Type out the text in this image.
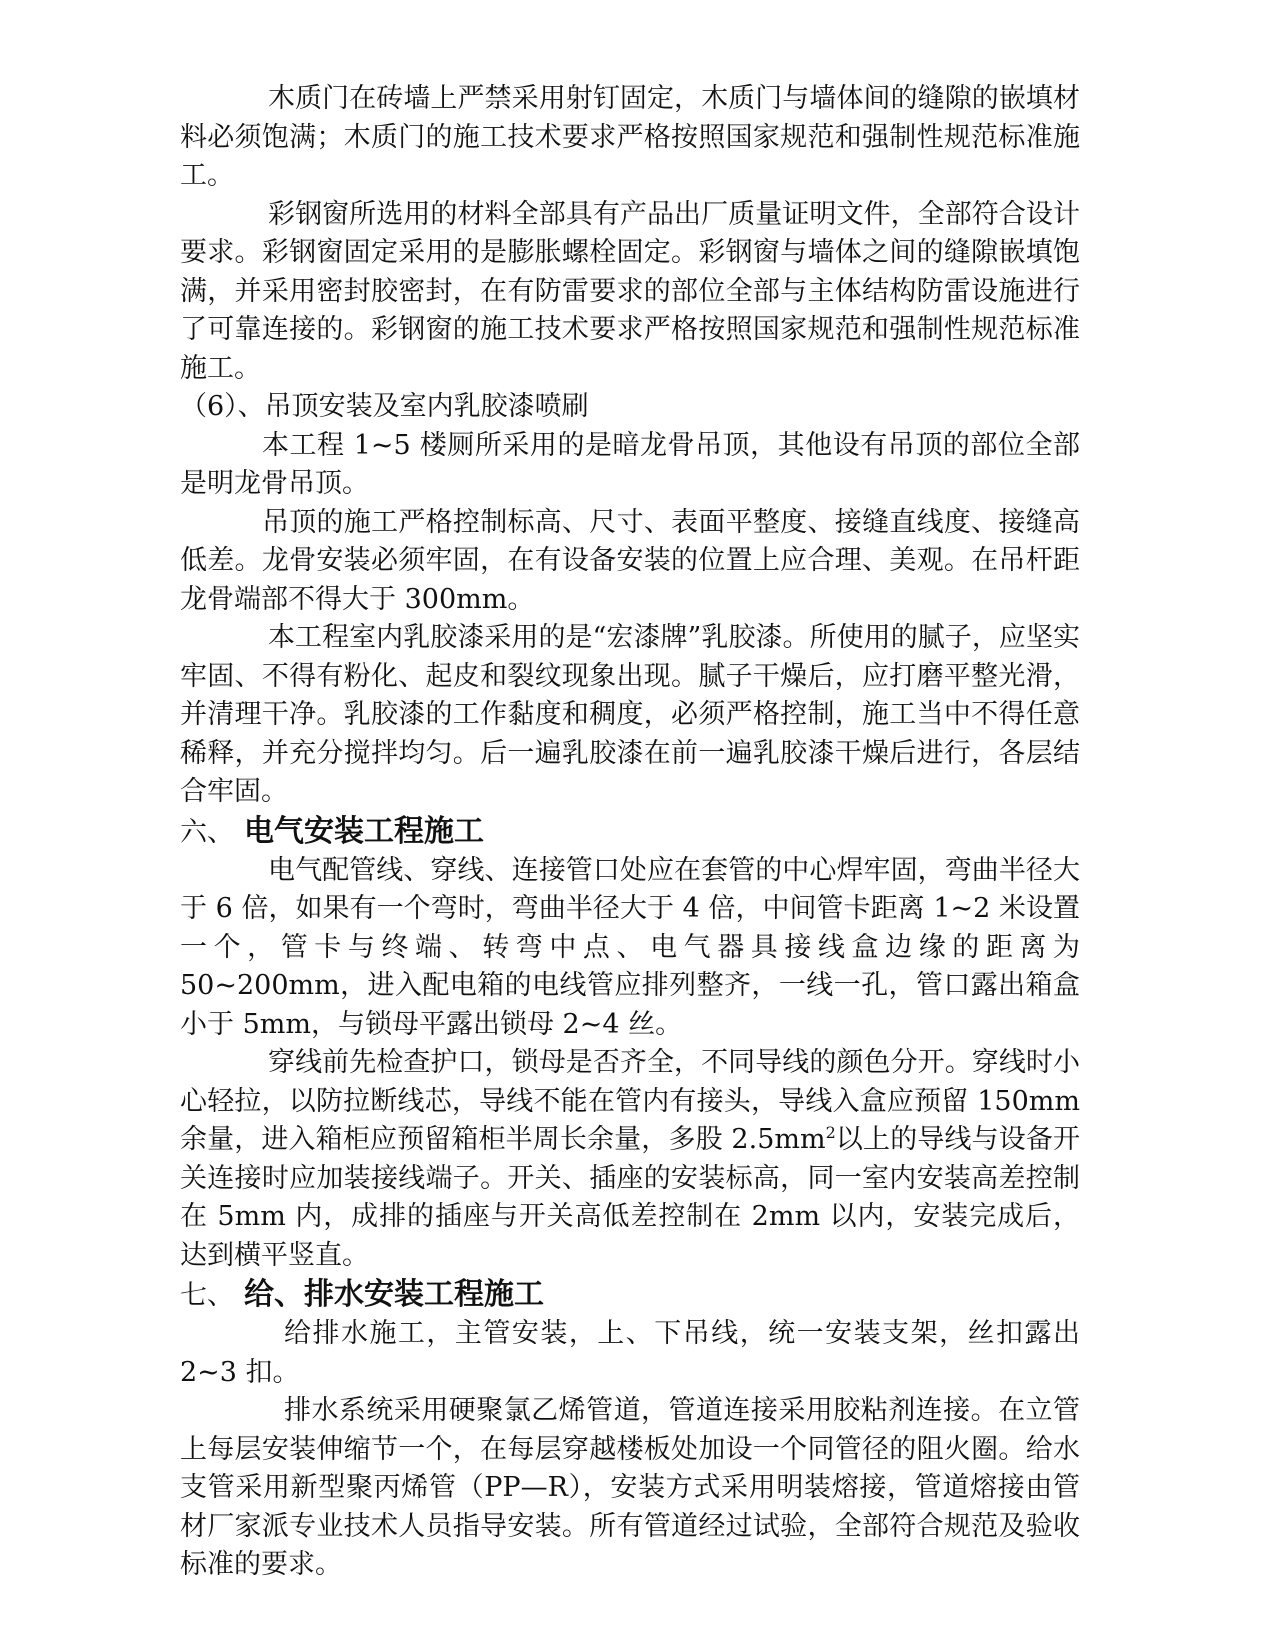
木质门在砖墙上严禁采用射钉固定，木质门与墙体间的缝隙的嵌填材料必须饱满；木质门的施工技术要求严格按照国家规范和强制性规范标准施工。

彩钢窗所选用的材料全部具有产品出厂质量证明文件，全部符合设计要求。彩钢窗固定采用的是膨胀螺栓固定。彩钢窗与墙体之间的缝隙嵌填饱满，并采用密封胶密封，在有防雷要求的部位全部与主体结构防雷设施进行了可靠连接的。彩钢窗的施工技术要求严格按照国家规范和强制性规范标准施工。

（6）、吊顶安装及室内乳胶漆喷刷

本工程 1~5 楼厕所采用的是暗龙骨吊顶，其他设有吊顶的部位全部是明龙骨吊顶。

吊顶的施工严格控制标高、尺寸、表面平整度、接缝直线度、接缝高低差。龙骨安装必须牢固，在有设备安装的位置上应合理、美观。在吊杆距龙骨端部不得大于 300mm。

本工程室内乳胶漆采用的是“宏漆牌”乳胶漆。所使用的腻子，应坚实牢固、不得有粉化、起皮和裂纹现象出现。腻子干燥后，应打磨平整光滑，并清理干净。乳胶漆的工作黏度和稠度，必须严格控制，施工当中不得任意稀释，并充分搅拌均匀。后一遍乳胶漆在前一遍乳胶漆干燥后进行，各层结合牢固。

六、 电气安装工程施工

电气配管线、穿线、连接管口处应在套管的中心焊牢固，弯曲半径大于 6 倍，如果有一个弯时，弯曲半径大于 4 倍，中间管卡距离 1~2 米设置一个，管卡与终端、转弯中点、电气器具接线盒边缘的距离为 50~200mm，进入配电箱的电线管应排列整齐，一线一孔，管口露出箱盒小于 5mm，与锁母平露出锁母 2~4 丝。

穿线前先检查护口，锁母是否齐全，不同导线的颜色分开。穿线时小心轻拉，以防拉断线芯，导线不能在管内有接头，导线入盒应预留 150mm 余量，进入箱柜应预留箱柜半周长余量，多股 $2.5mm^2$以上的导线与设备开关连接时应加装接线端子。开关、插座的安装标高，同一室内安装高差控制在 5mm 内，成排的插座与开关高低差控制在 2mm 以内，安装完成后，达到横平竖直。

七、 给、排水安装工程施工

给排水施工，主管安装，上、下吊线，统一安装支架，丝扣露出 2~3 扣。

排水系统采用硬聚氯乙烯管道，管道连接采用胶粘剂连接。在立管上每层安装伸缩节一个，在每层穿越楼板处加设一个同管径的阻火圈。给水支管采用新型聚丙烯管（PP—R），安装方式采用明装熔接，管道熔接由管材厂家派专业技术人员指导安装。所有管道经过试验，全部符合规范及验收标准的要求。
